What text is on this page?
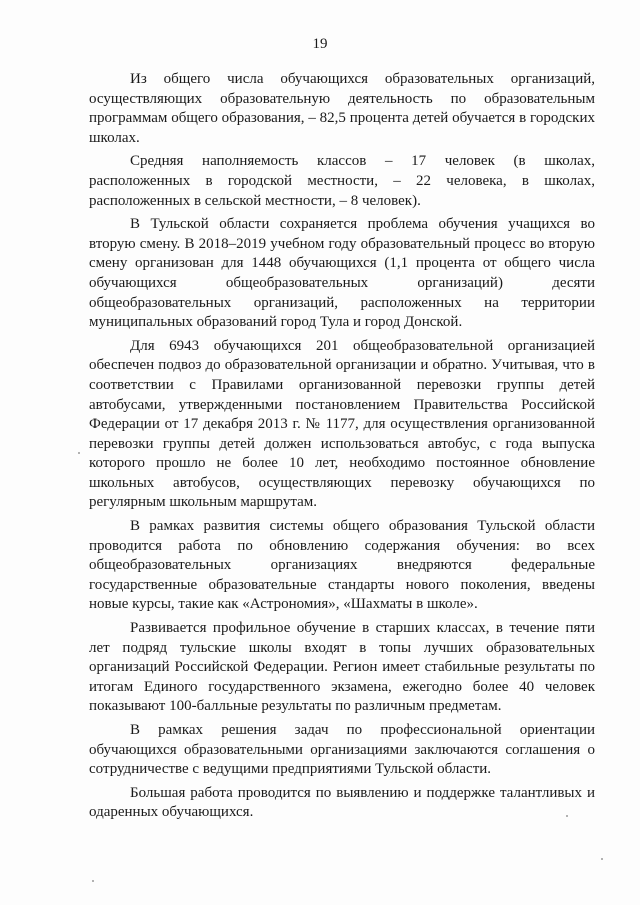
19

Из общего числа обучающихся образовательных организаций, осуществляющих образовательную деятельность по образовательным программам общего образования, – 82,5 процента детей обучается в городских школах.

Средняя наполняемость классов – 17 человек (в школах, расположенных в городской местности, – 22 человека, в школах, расположенных в сельской местности, – 8 человек).

В Тульской области сохраняется проблема обучения учащихся во вторую смену. В 2018–2019 учебном году образовательный процесс во вторую смену организован для 1448 обучающихся (1,1 процента от общего числа обучающихся общеобразовательных организаций) десяти общеобразовательных организаций, расположенных на территории муниципальных образований город Тула и город Донской.

Для 6943 обучающихся 201 общеобразовательной организацией обеспечен подвоз до образовательной организации и обратно. Учитывая, что в соответствии с Правилами организованной перевозки группы детей автобусами, утвержденными постановлением Правительства Российской Федерации от 17 декабря 2013 г. № 1177, для осуществления организованной перевозки группы детей должен использоваться автобус, с года выпуска которого прошло не более 10 лет, необходимо постоянное обновление школьных автобусов, осуществляющих перевозку обучающихся по регулярным школьным маршрутам.

В рамках развития системы общего образования Тульской области проводится работа по обновлению содержания обучения: во всех общеобразовательных организациях внедряются федеральные государственные образовательные стандарты нового поколения, введены новые курсы, такие как «Астрономия», «Шахматы в школе».

Развивается профильное обучение в старших классах, в течение пяти лет подряд тульские школы входят в топы лучших образовательных организаций Российской Федерации. Регион имеет стабильные результаты по итогам Единого государственного экзамена, ежегодно более 40 человек показывают 100-балльные результаты по различным предметам.

В рамках решения задач по профессиональной ориентации обучающихся образовательными организациями заключаются соглашения о сотрудничестве с ведущими предприятиями Тульской области.

Большая работа проводится по выявлению и поддержке талантливых и одаренных обучающихся.
